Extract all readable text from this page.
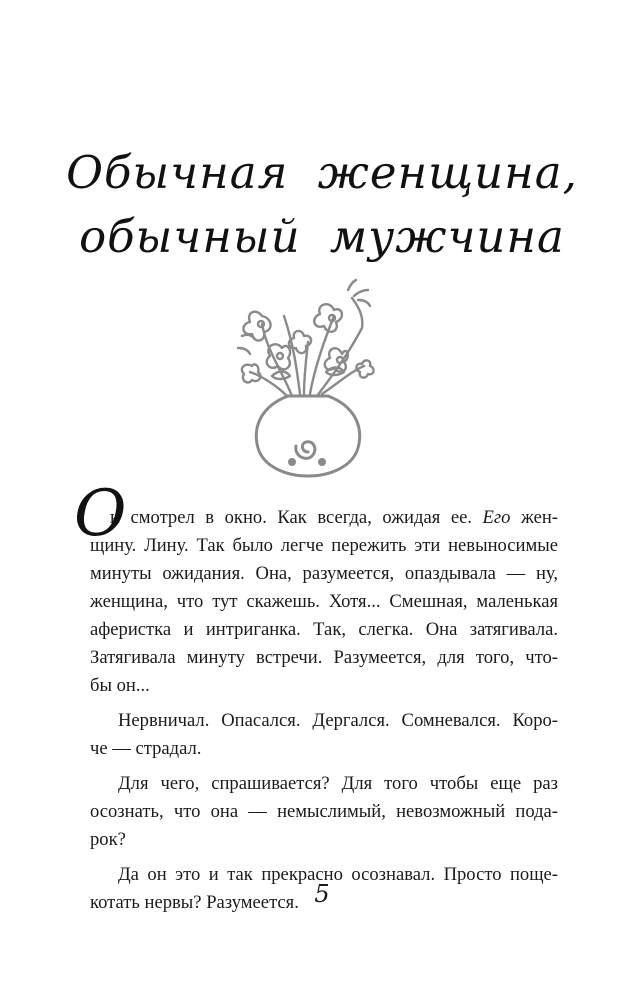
Обычная женщина,
обычный мужчина

О
н смотрел в окно. Как всегда, ожидая ее. Его жен-

щину. Лину. Так было легче пережить эти невыносимые

минуты ожидания. Она, разумеется, опаздывала — ну,

женщина, что тут скажешь. Хотя... Смешная, маленькая

аферистка и интриганка. Так, слегка. Она затягивала.

Затягивала минуту встречи. Разумеется, для того, что-

бы он...

Нервничал. Опасался. Дергался. Сомневался. Коро-

че — страдал.

Для чего, спрашивается? Для того чтобы еще раз

осознать, что она — немыслимый, невозможный пода-

рок?

Да он это и так прекрасно осознавал. Просто поще-

котать нервы? Разумеется. 5
